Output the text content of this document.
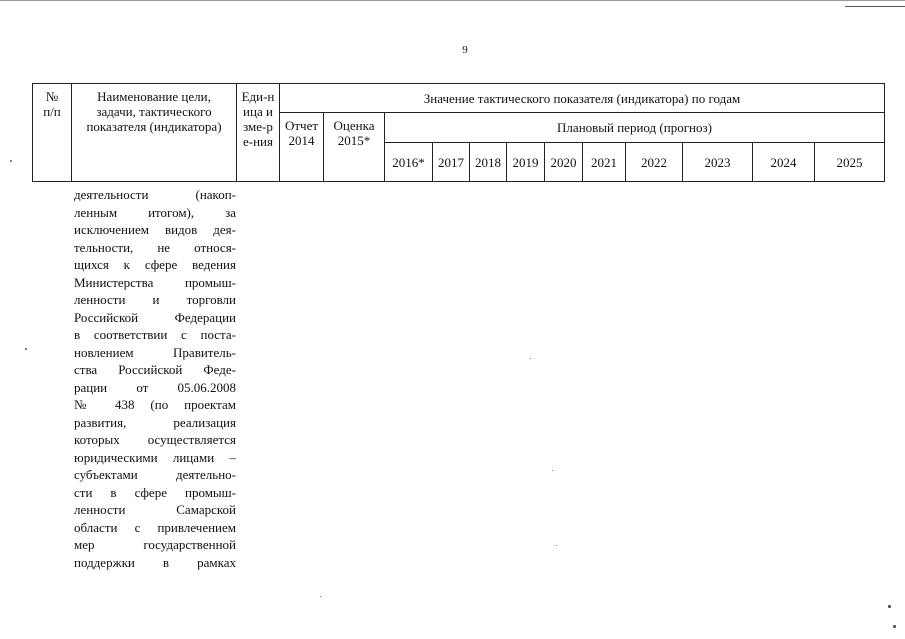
9
№ п/п	Наименование цели, задачи, тактического показателя (индикатора)	Еди-ница изме-ре-ния	Значение тактического показателя (индикатора) по годам											

			Отчет 2014	Оценка 2015*	Плановый период (прогноз)									
					2016*	2017	2018	2019	2020	2021	2022	2023	2024	2025
деятельности (накоп-
ленным итогом), за
исключением видов дея-
тельности, не относя-
щихся к сфере ведения
Министерства промыш-
ленности и торговли
Российской Федерации
в соответствии с поста-
новлением Правитель-
ства Российской Феде-
рации от 05.06.2008
№ 438 (по проектам
развития, реализация
которых осуществляется
юридическими лицами –
субъектами деятельно-
сти в сфере промыш-
ленности Самарской
области с привлечением
мер государственной
поддержки в рамках
